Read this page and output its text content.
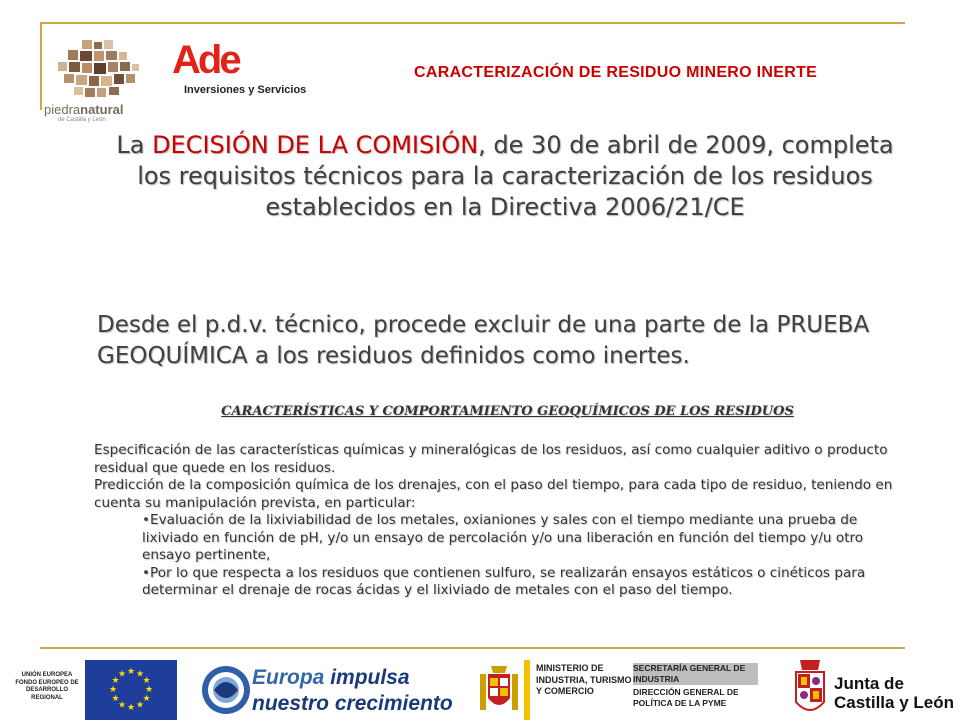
piedranatural
de Castilla y León
Ade
Inversiones y Servicios
CARACTERIZACIÓN DE RESIDUO MINERO INERTE
La DECISIÓN DE LA COMISIÓN, de 30 de abril de 2009, completa los requisitos técnicos para la caracterización de los residuos establecidos en la Directiva 2006/21/CE
Desde el p.d.v. técnico, procede excluir de una parte de la PRUEBA GEOQUÍMICA a los residuos definidos como inertes.
CARACTERÍSTICAS Y COMPORTAMIENTO GEOQUÍMICOS DE LOS RESIDUOS

Especificación de las características químicas y mineralógicas de los residuos, así como cualquier aditivo o producto residual que quede en los residuos.

Predicción de la composición química de los drenajes, con el paso del tiempo, para cada tipo de residuo, teniendo en cuenta su manipulación prevista, en particular:

•Evaluación de la lixiviabilidad de los metales, oxianiones y sales con el tiempo mediante una prueba de lixiviado en función de pH, y/o un ensayo de percolación y/o una liberación en función del tiempo y/u otro ensayo pertinente,
•Por lo que respecta a los residuos que contienen sulfuro, se realizarán ensayos estáticos o cinéticos para determinar el drenaje de rocas ácidas y el lixiviado de metales con el paso del tiempo.
UNIÓN EUROPEA FONDO EUROPEO DE DESARROLLO REGIONAL
★ ★
★
★
★
★
★
★
★
★
★
★	Europa impulsa
nuestro crecimiento
MINISTERIO DE
INDUSTRIA, TURISMO
Y COMERCIO
SECRETARÍA GENERAL DE
INDUSTRIA
DIRECCIÓN GENERAL DE
POLÍTICA DE LA PYME
Junta de
Castilla y León
